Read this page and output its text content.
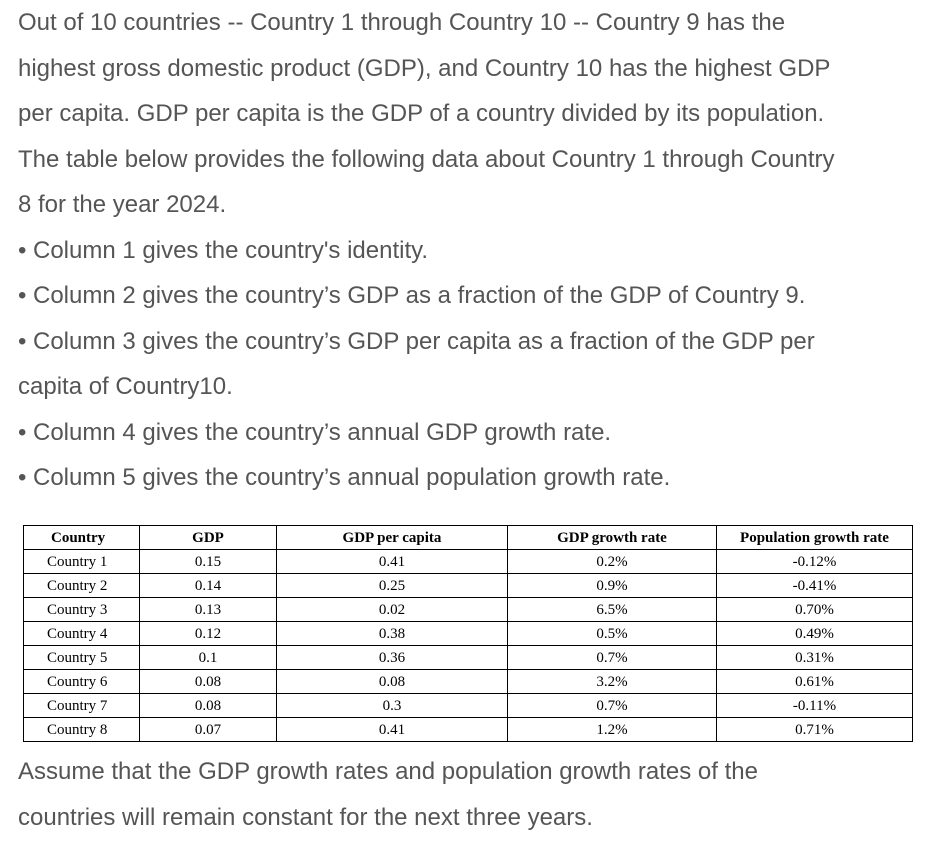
Out of 10 countries -- Country 1 through Country 10 -- Country 9 has the
highest gross domestic product (GDP), and Country 10 has the highest GDP
per capita. GDP per capita is the GDP of a country divided by its population.
The table below provides the following data about Country 1 through Country
8 for the year 2024.

• Column 1 gives the country's identity.
• Column 2 gives the country’s GDP as a fraction of the GDP of Country 9.
• Column 3 gives the country’s GDP per capita as a fraction of the GDP per
capita of Country10.
• Column 4 gives the country’s annual GDP growth rate.
• Column 5 gives the country’s annual population growth rate.
Country	GDP	GDP per capita	GDP growth rate	Population growth rate
Country 1	0.15	0.41	0.2%	-0.12%
Country 2	0.14	0.25	0.9%	-0.41%
Country 3	0.13	0.02	6.5%	0.70%
Country 4	0.12	0.38	0.5%	0.49%
Country 5	0.1	0.36	0.7%	0.31%
Country 6	0.08	0.08	3.2%	0.61%
Country 7	0.08	0.3	0.7%	-0.11%
Country 8	0.07	0.41	1.2%	0.71%
Assume that the GDP growth rates and population growth rates of the
countries will remain constant for the next three years.
